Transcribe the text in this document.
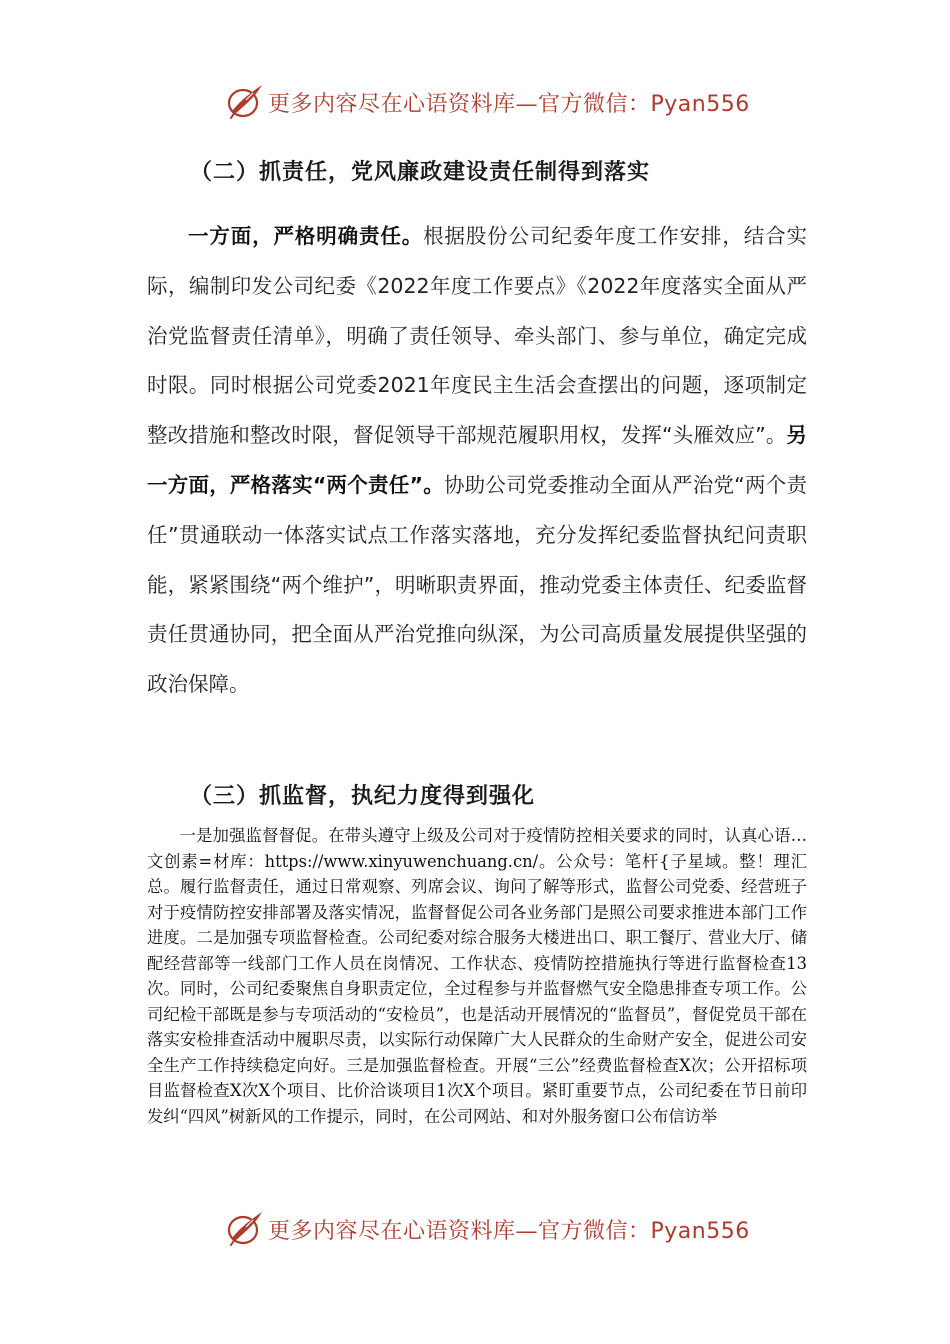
更多内容尽在心语资料库—官方微信：Pyan556
（二）抓责任，党风廉政建设责任制得到落实
一方面，严格明确责任。根据股份公司纪委年度工作安排，结合实际，编制印发公司纪委《2022年度工作要点》《2022年度落实全面从严治党监督责任清单》，明确了责任领导、牵头部门、参与单位，确定完成时限。同时根据公司党委2021年度民主生活会查摆出的问题，逐项制定整改措施和整改时限，督促领导干部规范履职用权，发挥“头雁效应”。另一方面，严格落实“两个责任”。协助公司党委推动全面从严治党“两个责任”贯通联动一体落实试点工作落实落地，充分发挥纪委监督执纪问责职能，紧紧围绕“两个维护”，明晰职责界面，推动党委主体责任、纪委监督责任贯通协同，把全面从严治党推向纵深，为公司高质量发展提供坚强的政治保障。
（三）抓监督，执纪力度得到强化
一是加强监督督促。在带头遵守上级及公司对于疫情防控相关要求的同时，认真心语…文创素=材库：https://www.xinyuwenchuang.cn/。公众号：笔杆{子星域。整！理汇总。履行监督责任，通过日常观察、列席会议、询问了解等形式，监督公司党委、经营班子对于疫情防控安排部署及落实情况，监督督促公司各业务部门是照公司要求推进本部门工作进度。二是加强专项监督检查。公司纪委对综合服务大楼进出口、职工餐厅、营业大厅、储配经营部等一线部门工作人员在岗情况、工作状态、疫情防控措施执行等进行监督检查13次。同时，公司纪委聚焦自身职责定位，全过程参与并监督燃气安全隐患排查专项工作。公司纪检干部既是参与专项活动的“安检员”，也是活动开展情况的“监督员”，督促党员干部在落实安检排查活动中履职尽责，以实际行动保障广大人民群众的生命财产安全，促进公司安全生产工作持续稳定向好。三是加强监督检查。开展“三公”经费监督检查X次；公开招标项目监督检查X次X个项目、比价洽谈项目1次X个项目。紧盯重要节点，公司纪委在节日前印发纠“四风”树新风的工作提示，同时，在公司网站、和对外服务窗口公布信访举
更多内容尽在心语资料库—官方微信：Pyan556
